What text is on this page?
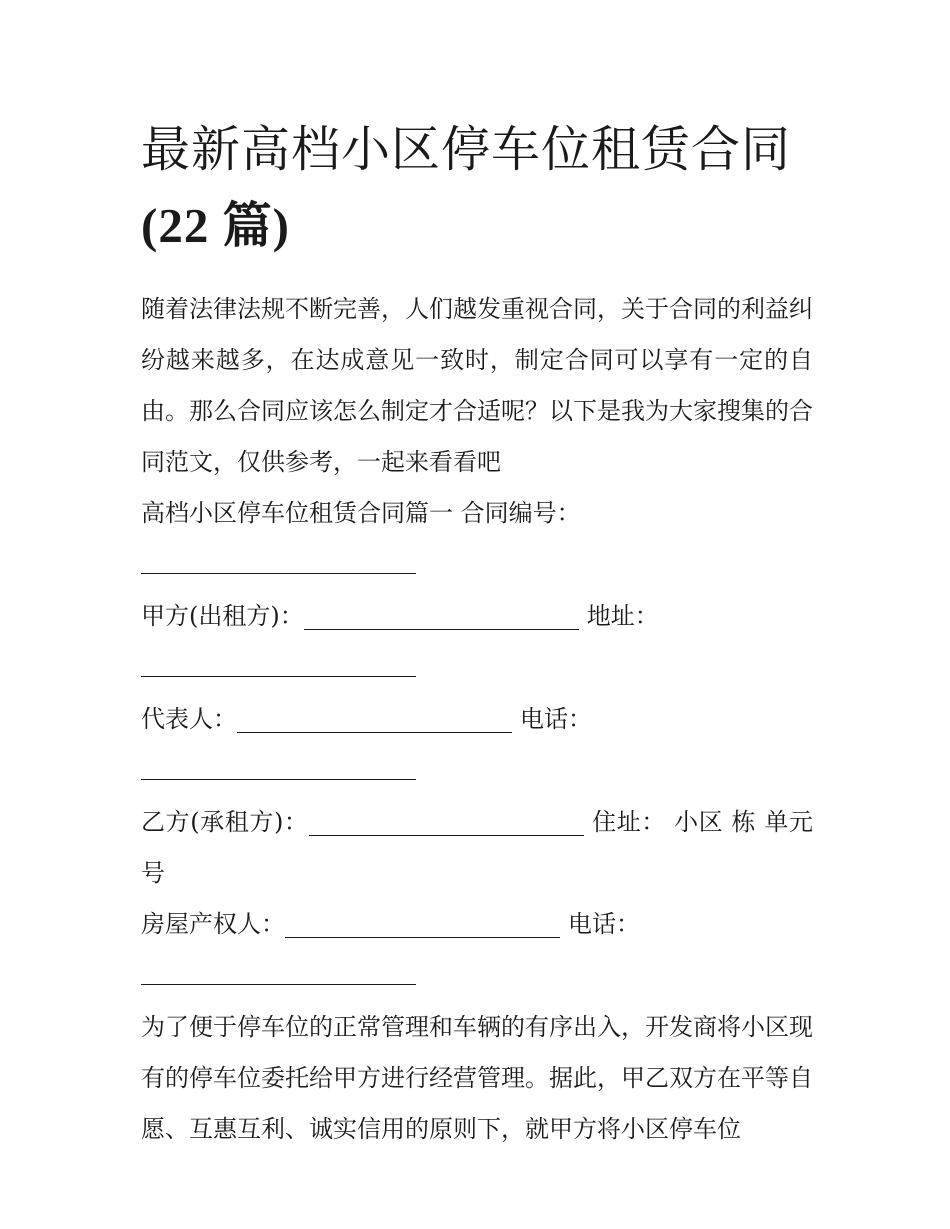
最新高档小区停车位租赁合同
(22 篇)

随着法律法规不断完善，人们越发重视合同，关于合同的利益纠纷越来越多，在达成意见一致时，制定合同可以享有一定的自由。那么合同应该怎么制定才合适呢？以下是我为大家搜集的合同范文，仅供参考，一起来看看吧

高档小区停车位租赁合同篇一 合同编号：

甲方(出租方)：	地址：

代表人：	电话：

乙方(承租方)：	住址： 小区 栋 单元号

房屋产权人：	电话：

为了便于停车位的正常管理和车辆的有序出入，开发商将小区现有的停车位委托给甲方进行经营管理。据此，甲乙双方在平等自愿、互惠互利、诚实信用的原则下，就甲方将小区停车位
